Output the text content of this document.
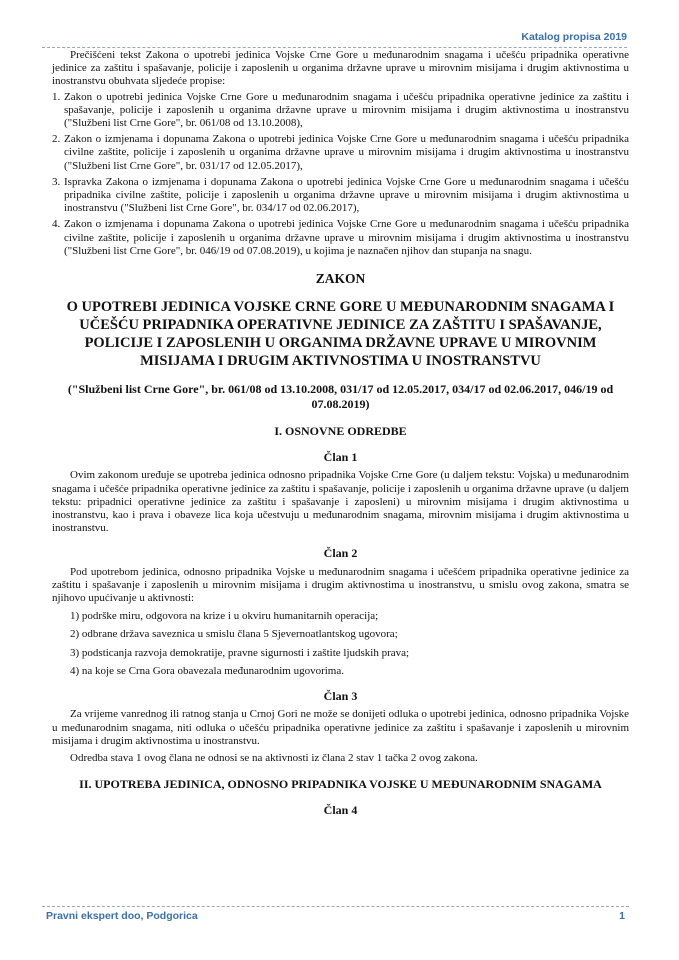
Katalog propisa 2019

Prečišćeni tekst Zakona o upotrebi jedinica Vojske Crne Gore u međunarodnim snagama i učešću pripadnika operativne jedinice za zaštitu i spašavanje, policije i zaposlenih u organima državne uprave u mirovnim misijama i drugim aktivnostima u inostranstvu obuhvata sljedeće propise:

1. Zakon o upotrebi jedinica Vojske Crne Gore u međunarodnim snagama i učešću pripadnika operativne jedinice za zaštitu i spašavanje, policije i zaposlenih u organima državne uprave u mirovnim misijama i drugim aktivnostima u inostranstvu ("Službeni list Crne Gore", br. 061/08 od 13.10.2008),
2. Zakon o izmjenama i dopunama Zakona o upotrebi jedinica Vojske Crne Gore u međunarodnim snagama i učešću pripadnika civilne zaštite, policije i zaposlenih u organima državne uprave u mirovnim misijama i drugim aktivnostima u inostranstvu ("Službeni list Crne Gore", br. 031/17 od 12.05.2017),
3. Ispravka Zakona o izmjenama i dopunama Zakona o upotrebi jedinica Vojske Crne Gore u međunarodnim snagama i učešću pripadnika civilne zaštite, policije i zaposlenih u organima državne uprave u mirovnim misijama i drugim aktivnostima u inostranstvu ("Službeni list Crne Gore", br. 034/17 od 02.06.2017),
4. Zakon o izmjenama i dopunama Zakona o upotrebi jedinica Vojske Crne Gore u međunarodnim snagama i učešću pripadnika civilne zaštite, policije i zaposlenih u organima državne uprave u mirovnim misijama i drugim aktivnostima u inostranstvu ("Službeni list Crne Gore", br. 046/19 od 07.08.2019), u kojima je naznačen njihov dan stupanja na snagu.
ZAKON
O UPOTREBI JEDINICA VOJSKE CRNE GORE U MEĐUNARODNIM SNAGAMA I UČEŠĆU PRIPADNIKA OPERATIVNE JEDINICE ZA ZAŠTITU I SPAŠAVANJE, POLICIJE I ZAPOSLENIH U ORGANIMA DRŽAVNE UPRAVE U MIROVNIM MISIJAMA I DRUGIM AKTIVNOSTIMA U INOSTRANSTVU
("Službeni list Crne Gore", br. 061/08 od 13.10.2008, 031/17 od 12.05.2017, 034/17 od 02.06.2017, 046/19 od 07.08.2019)
I. OSNOVNE ODREDBE
Član 1

Ovim zakonom uređuje se upotreba jedinica odnosno pripadnika Vojske Crne Gore (u daljem tekstu: Vojska) u međunarodnim snagama i učešće pripadnika operativne jedinice za zaštitu i spašavanje, policije i zaposlenih u organima državne uprave (u daljem tekstu: pripadnici operativne jedinice za zaštitu i spašavanje i zaposleni) u mirovnim misijama i drugim aktivnostima u inostranstvu, kao i prava i obaveze lica koja učestvuju u međunarodnim snagama, mirovnim misijama i drugim aktivnostima u inostranstvu.

Član 2

Pod upotrebom jedinica, odnosno pripadnika Vojske u međunarodnim snagama i učešćem pripadnika operativne jedinice za zaštitu i spašavanje i zaposlenih u mirovnim misijama i drugim aktivnostima u inostranstvu, u smislu ovog zakona, smatra se njihovo upućivanje u aktivnosti:

1) podrške miru, odgovora na krize i u okviru humanitarnih operacija;
2) odbrane država saveznica u smislu člana 5 Sjevernoatlantskog ugovora;
3) podsticanja razvoja demokratije, pravne sigurnosti i zaštite ljudskih prava;
4) na koje se Crna Gora obavezala međunarodnim ugovorima.
Član 3

Za vrijeme vanrednog ili ratnog stanja u Crnoj Gori ne može se donijeti odluka o upotrebi jedinica, odnosno pripadnika Vojske u međunarodnim snagama, niti odluka o učešću pripadnika operativne jedinice za zaštitu i spašavanje i zaposlenih u mirovnim misijama i drugim aktivnostima u inostranstvu.

Odredba stava 1 ovog člana ne odnosi se na aktivnosti iz člana 2 stav 1 tačka 2 ovog zakona.

II. UPOTREBA JEDINICA, ODNOSNO PRIPADNIKA VOJSKE U MEĐUNARODNIM SNAGAMA
Član 4
Pravni ekspert doo, Podgorica	1
